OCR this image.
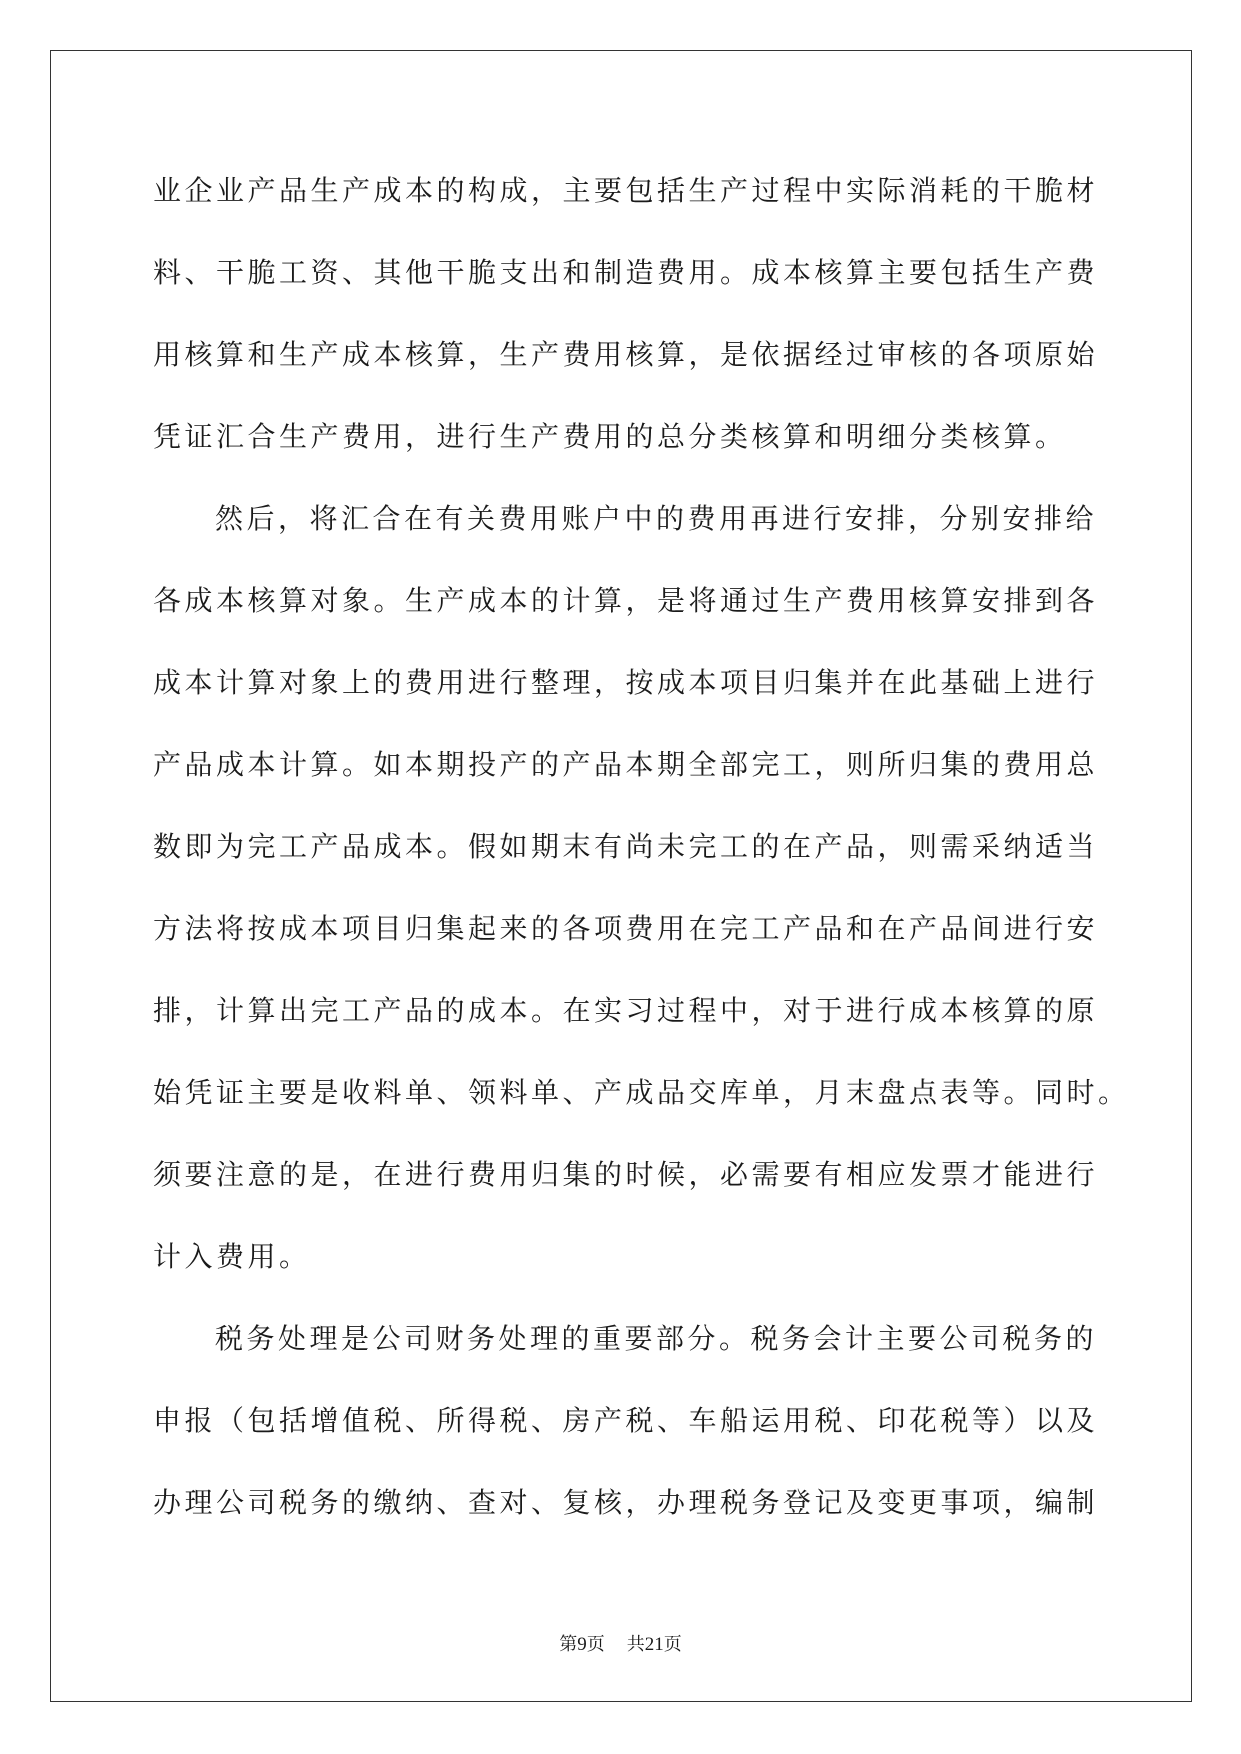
业企业产品生产成本的构成，主要包括生产过程中实际消耗的干脆材
料、干脆工资、其他干脆支出和制造费用。成本核算主要包括生产费
用核算和生产成本核算，生产费用核算，是依据经过审核的各项原始
凭证汇合生产费用，进行生产费用的总分类核算和明细分类核算。
然后，将汇合在有关费用账户中的费用再进行安排，分别安排给
各成本核算对象。生产成本的计算，是将通过生产费用核算安排到各
成本计算对象上的费用进行整理，按成本项目归集并在此基础上进行
产品成本计算。如本期投产的产品本期全部完工，则所归集的费用总
数即为完工产品成本。假如期末有尚未完工的在产品，则需采纳适当
方法将按成本项目归集起来的各项费用在完工产品和在产品间进行安
排，计算出完工产品的成本。在实习过程中，对于进行成本核算的原
始凭证主要是收料单、领料单、产成品交库单，月末盘点表等。同时。
须要注意的是，在进行费用归集的时候，必需要有相应发票才能进行
计入费用。
税务处理是公司财务处理的重要部分。税务会计主要公司税务的
申报（包括增值税、所得税、房产税、车船运用税、印花税等）以及
办理公司税务的缴纳、查对、复核，办理税务登记及变更事项，编制
第9页 共21页
